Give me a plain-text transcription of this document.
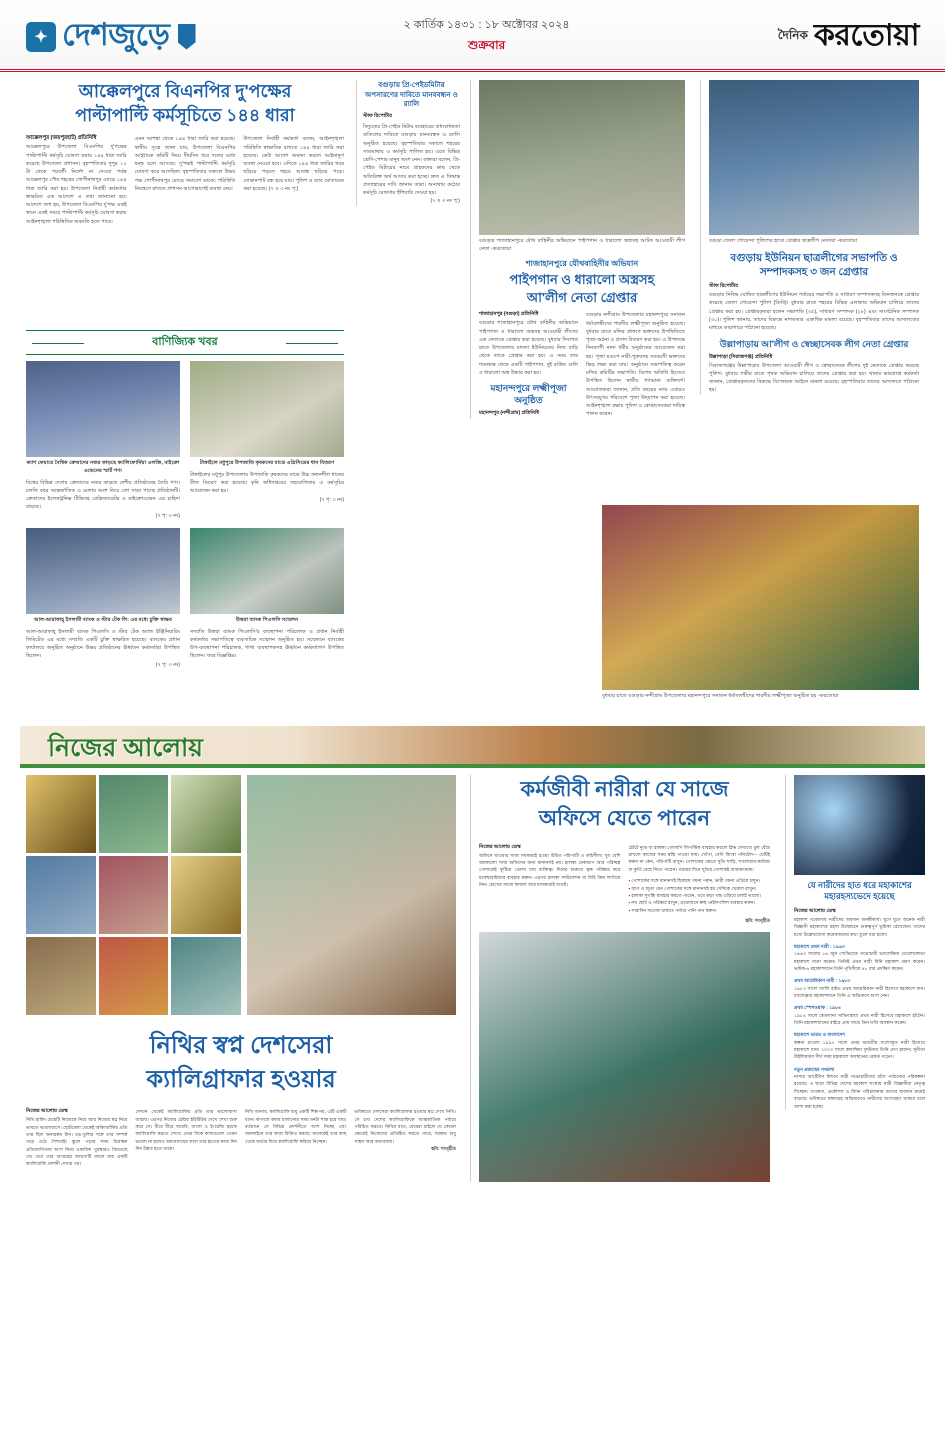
✦ দেশজুড়ে	২ কার্তিক ১৪৩১ : ১৮ অক্টোবর ২০২৪
শুক্রবার
দৈনিক করতোয়া
আক্কেলপুরে বিএনপির দু'পক্ষের
পাল্টাপাল্টি কর্মসূচিতে ১৪৪ ধারা
আক্কেলপুর (জয়পুরহাট) প্রতিনিধি
আক্কেলপুরে উপজেলা বিএনপির দু'পক্ষের পাল্টাপাল্টি কর্মসূচি ঘোষণা করায় ১৪৪ ধারা জারি করেছে উপজেলা প্রশাসন। বৃহস্পতিবার দুপুর ১২ টা থেকে পরবর্তী নির্দেশ না দেওয়া পর্যন্ত আক্কেলপুর পৌর শহরের গোপীনাথপুর মোড়ে ১৪৪ ধারা জারি করা হয়। উপজেলা নির্বাহী কর্মকর্তার স্বাক্ষরিত এক আদেশে এ তথ্য জানানো হয়। আদেশে বলা হয়, উপজেলা বিএনপির দু'পক্ষ একই স্থানে একই সময়ে পাল্টাপাল্টি কর্মসূচি ঘোষণা করায় আইনশৃঙ্খলা পরিস্থিতির অবনতি হতে পারে।
এমন আশঙ্কা থেকে ১৪৪ ধারা জারি করা হয়েছে। স্থানীয় সূত্রে জানা যায়, উপজেলা বিএনপির আহ্বায়ক কমিটি নিয়ে দীর্ঘদিন ধরে দলের মধ্যে দ্বন্দ্ব চলে আসছে। দু'পক্ষই পাল্টাপাল্টি কর্মসূচি ঘোষণা করে আসছিল। বৃহস্পতিবার সকালে উভয় পক্ষ গোপীনাথপুর মোড়ে সমাবেশ ডাকে। পরিস্থিতি নিয়ন্ত্রণে রাখতে প্রশাসন আগেভাগেই ব্যবস্থা নেয়।
উপজেলা নির্বাহী কর্মকর্তা বলেন, আইনশৃঙ্খলা পরিস্থিতি স্বাভাবিক রাখতে ১৪৪ ধারা জারি করা হয়েছে। কেউ আদেশ অমান্য করলে আইনানুগ ব্যবস্থা নেওয়া হবে। এদিকে ১৪৪ ধারা জারির খবর ছড়িয়ে পড়লে শহরে আতঙ্ক ছড়িয়ে পড়ে। দোকানপাট বন্ধ হয়ে যায়। পুলিশ ও র‌্যাব মোতায়েন করা হয়েছে। (৭ ও ৩ নং পৃ:)
বাণিজ্যিক খবর
ক্যাশ ফেয়ারে বৈশ্বিক ক্রেতাদের নজর কাড়ছে ক্যালিফোর্নিয়া এলজি, মাইক্রো ওভেনের স্মার্ট পণ্য
বিশ্বের বিভিন্ন দেশের ক্রেতাদের নজর কাড়ছে দেশীয় প্রতিষ্ঠানের তৈরি পণ্য। চলতি বছর আন্তর্জাতিক এ মেলায় অংশ নিয়ে বেশ সাড়া পাচ্ছে প্রতিষ্ঠানটি। ক্রেতাদের ইলেকট্রনিক্স টিভিসহ রেফ্রিজারেটর ও মাইক্রোওভেন এর চাহিদা বাড়ছে।
(৭ পৃ: ৩ নং)
টাঙ্গাইলে মধুপুরে উপজাতি কৃষকদের মাঝে এগ্রিসিডের ধান বিতরণ
টাঙ্গাইলের মধুপুর উপজেলায় উপজাতি কৃষকদের মাঝে উচ্চ ফলনশীল ধানের বীজ বিতরণ করা হয়েছে। কৃষি অধিদপ্তরের সহযোগিতায় এ কর্মসূচির আয়োজন করা হয়।
(৭ পৃ: ৩ নং)
আল-আরাফাহ্ ইসলামী ব্যাংক ও স্টার টেক লি: এর মধ্যে চুক্তি স্বাক্ষর
আল-আরাফাহ্ ইসলামী ব্যাংক পিএলসি ও স্টার টেক অ্যান্ড ইঞ্জিনিয়ারিং লিমিটেড এর মধ্যে সম্প্রতি একটি চুক্তি স্বাক্ষরিত হয়েছে। ব্যাংকের প্রধান কার্যালয়ে অনুষ্ঠিত অনুষ্ঠানে উভয় প্রতিষ্ঠানের ঊর্ধ্বতন কর্মকর্তারা উপস্থিত ছিলেন।
(৭ পৃ: ৩ নং)
উত্তরা ব্যাংক পিএলসি সম্মেলন
সম্প্রতি উত্তরা ব্যাংক পিএলসি'র ব্যবস্থাপনা পরিচালক ও প্রধান নির্বাহী কর্মকর্তার সভাপতিত্বে ব্যবসায়িক সম্মেলন অনুষ্ঠিত হয়। সম্মেলনে ব্যাংকের উপ-ব্যবস্থাপনা পরিচালক, শাখা ব্যবস্থাপকসহ ঊর্ধ্বতন কর্মকর্তাগণ উপস্থিত ছিলেন। খবর বিজ্ঞপ্তির।
বগুড়ায় প্রি-পেইডমিটার অপসারণের দাবিতে মানববন্ধন ও র‌্যালি
স্টাফ রিপোর্টার
বিদ্যুতের প্রি-পেইড মিটার ব্যবহারের বাধ্যবাধকতা বাতিলের দাবিতে বগুড়ায় মানববন্ধন ও র‌্যালি অনুষ্ঠিত হয়েছে। বৃহস্পতিবার সকালে শহরের সাতমাথায় এ কর্মসূচি পালিত হয়। এতে বিভিন্ন শ্রেণি-পেশার মানুষ অংশ নেন। বক্তারা বলেন, প্রি-পেইড মিটারের নামে গ্রাহকদের কাছ থেকে অতিরিক্ত অর্থ আদায় করা হচ্ছে। দ্রুত এ সিদ্ধান্ত প্রত্যাহারের দাবি জানান তারা। অন্যথায় কঠোর কর্মসূচি ঘোষণার হুঁশিয়ারি দেওয়া হয়।
(৭ ও ৩ নং পৃ:)
বগুড়ার শাজাহানপুরে যৌথ বাহিনীর অভিযানে পাইপগান ও ধারালো অস্ত্রসহ আটক আওয়ামী লীগ নেতা -করতোয়া
শাজাহানপুরে যৌথবাহিনীর অভিযান
পাইপগান ও ধারালো অস্ত্রসহ
আ'লীগ নেতা গ্রেপ্তার
শাজাহানপুর (বগুড়া) প্রতিনিধি
বগুড়ার শাজাহানপুরে যৌথ বাহিনীর অভিযানে পাইপগান ও ধারালো অস্ত্রসহ আওয়ামী লীগের এক নেতাকে গ্রেপ্তার করা হয়েছে। বুধবার দিবাগত রাতে উপজেলার মাদলা ইউনিয়নের নিজ বাড়ি থেকে তাকে গ্রেপ্তার করা হয়। এ সময় তার শয়নকক্ষ থেকে একটি পাইপগান, দুই রাউন্ড গুলি ও ধারালো অস্ত্র উদ্ধার করা হয়।
মহানন্দপুরে লক্ষ্মীপূজা
অনুষ্ঠিত
মহানন্দপুর (নন্দীগ্রাম) প্রতিনিধি
বগুড়ার নন্দীগ্রাম উপজেলার মহানন্দপুরে সনাতন ধর্মাবলম্বীদের শারদীয় লক্ষ্মীপূজা অনুষ্ঠিত হয়েছে। বুধবার রাতে মন্দির প্রাঙ্গণে ভক্তদের উপস্থিতিতে পূজা-অর্চনা ও প্রসাদ বিতরণ করা হয়। এ উপলক্ষে দিনব্যাপী নানা ধর্মীয় অনুষ্ঠানের আয়োজন করা হয়। পূজা মণ্ডপে নারী-পুরুষসহ সববয়সী ভক্তদের ভিড় লক্ষ্য করা যায়। অনুষ্ঠানে সভাপতিত্ব করেন মন্দির কমিটির সভাপতি। বিশেষ অতিথি হিসেবে উপস্থিত ছিলেন স্থানীয় গণ্যমান্য ব্যক্তিবর্গ। আয়োজকরা জানান, প্রতি বছরের ন্যায় এবারও উৎসবমুখর পরিবেশে পূজা উদ্‌যাপন করা হয়েছে। আইনশৃঙ্খলা রক্ষায় পুলিশ ও স্বেচ্ছাসেবকরা দায়িত্ব পালন করেন।
বুধবার রাতে বগুড়ার নন্দীগ্রাম উপজেলার মহানন্দপুরে সনাতন ধর্মাবলম্বীদের শারদীয় লক্ষ্মীপূজা অনুষ্ঠিত হয় -করতোয়া
বগুড়া জেলা গোয়েন্দা পুলিশের হাতে গ্রেপ্তার ছাত্রলীগ নেতারা -করতোয়া
বগুড়ায় ইউনিয়ন ছাত্রলীগের সভাপতি ও
সম্পাদকসহ ৩ জন গ্রেপ্তার
স্টাফ রিপোর্টার
বগুড়ায় নিষিদ্ধ ঘোষিত ছাত্রলীগের ইউনিয়ন পর্যায়ের সভাপতি ও সাধারণ সম্পাদকসহ তিনজনকে গ্রেপ্তার করেছে জেলা গোয়েন্দা পুলিশ (ডিবি)। বুধবার রাতে শহরের বিভিন্ন এলাকায় অভিযান চালিয়ে তাদের গ্রেপ্তার করা হয়। গ্রেপ্তারকৃতরা হলেন সভাপতি (৩৫), সাধারণ সম্পাদক (২৮) এবং সাংগঠনিক সম্পাদক (৩০)। পুলিশ জানায়, তাদের বিরুদ্ধে নাশকতার একাধিক মামলা রয়েছে। বৃহস্পতিবার তাদের আদালতের মাধ্যমে কারাগারে পাঠানো হয়েছে।
উল্লাপাড়ায় আ'লীগ ও স্বেচ্ছাসেবক লীগ নেতা গ্রেপ্তার
উল্লাপাড়া (সিরাজগঞ্জ) প্রতিনিধি
সিরাজগঞ্জের উল্লাপাড়ায় উপজেলা আওয়ামী লীগ ও স্বেচ্ছাসেবক লীগের দুই নেতাকে গ্রেপ্তার করেছে পুলিশ। বুধবার গভীর রাতে পৃথক অভিযান চালিয়ে তাদের গ্রেপ্তার করা হয়। থানার ভারপ্রাপ্ত কর্মকর্তা জানান, গ্রেপ্তারকৃতদের বিরুদ্ধে বিস্ফোরক আইনে মামলা রয়েছে। বৃহস্পতিবার তাদের আদালতে পাঠানো হয়।
নিজের আলোয়
নিথির স্বপ্ন দেশসেরা
ক্যালিগ্রাফার হওয়ার
নিজের আলোয় ডেস্ক
নিথি হামিদ মেয়েটি নিজেকে নিয়ে আর নিজের স্বপ্ন নিয়ে ভাবতে ভালোবাসে। ছোটবেলা থেকেই আঁকাআঁকির প্রতি তার ছিল অন্যরকম টান। রঙ-তুলির সঙ্গে তার সম্পর্ক গড়ে ওঠে শৈশবেই। স্কুলে পড়ার সময় চিত্রাঙ্কন প্রতিযোগিতায় অংশ নিয়ে একাধিক পুরস্কারও জিতেছে সে। তবে তার আগ্রহের জায়গাটি বদলে যায় একটি ক্যালিগ্রাফি প্রদর্শনী দেখার পর।
সেখান থেকেই ক্যালিগ্রাফির প্রতি তার ভালোবাসা জন্মায়। এরপর নিজের চেষ্টায় ইউটিউব দেখে শেখা শুরু করে সে। ধীরে ধীরে আরবি, বাংলা ও ইংরেজি হরফে ক্যালিগ্রাফি করতে শেখে। প্রথম দিকে কাজগুলো তেমন ভালো না হলেও অধ্যবসায়ের ফলে তার হাতের কাজ দিন দিন উন্নত হতে থাকে।
নিথি জানায়, ক্যালিগ্রাফি শুধু একটি শিল্প নয়, এটি একটি ধ্যান। কাগজে কলম চালানোর সময় মনটা শান্ত হয়ে যায়। বর্তমানে সে বিভিন্ন প্রদর্শনীতে অংশ নিচ্ছে এবং অনলাইনে তার কাজ বিক্রিও করছে। অনেকেই তার কাছ থেকে অর্ডার দিয়ে ক্যালিগ্রাফি করিয়ে নিচ্ছেন।
ভবিষ্যতে দেশসেরা ক্যালিগ্রাফার হওয়ার স্বপ্ন দেখে নিথি। সে চায় দেশের ক্যালিগ্রাফিকে আন্তর্জাতিক পর্যায়ে পরিচিত করতে। নিথির মতে, মেয়েরা চাইলে যে কোনো ক্ষেত্রেই নিজেদের প্রতিষ্ঠিত করতে পারে, দরকার শুধু সাহস আর অধ্যবসায়।
ছবি: সংগৃহীত
কর্মজীবী নারীরা যে সাজে
অফিসে যেতে পারেন
নিজের আলোয় ডেস্ক
অফিসে যাওয়ার সাজ সবসময়ই হওয়া উচিত পরিপাটি ও রুচিশীল। খুব বেশি জমকালো সাজ অফিসের জন্য মানানসই নয়। হালকা মেকআপ আর পরিচ্ছন্ন পোশাকেই ফুটিয়ে তোলা যায় ব্যক্তিত্ব। দিনের শুরুতে ত্বক পরিষ্কার করে ময়েশ্চারাইজার ব্যবহার করুন। এরপর হালকা ফাউন্ডেশন বা বিবি ক্রিম লাগিয়ে নিন। চোখের সাজে কাজল আর মাসকারাই যথেষ্ট।
ঠোঁটে ন্যুড বা হালকা গোলাপি লিপস্টিক ব্যবহার করলে স্নিগ্ধ দেখাবে। চুল বেঁধে রাখলে কাজের সময় স্বস্তি পাওয়া যায়। খোঁপা, বেণি কিংবা পনিটেল— যেটিই করুন না কেন, পরিপাটি রাখুন। পোশাকের ক্ষেত্রে সুতি শাড়ি, সালোয়ার-কামিজ বা কুর্তি বেছে নিতে পারেন। গরমের দিনে সুতির পোশাকই আরামদায়ক।
▪ পোশাকের সঙ্গে মানানসই ছিমছাম গয়না পরুন, ভারী গয়না এড়িয়ে চলুন।
▪ ব্যাগ ও জুতা যেন পোশাকের সঙ্গে মানানসই হয় সেদিকে খেয়াল রাখুন।
▪ হালকা সুগন্ধি ব্যবহার করতে পারেন, তবে কড়া গন্ধ এড়িয়ে চলাই ভালো।
▪ নখ ছোট ও পরিষ্কার রাখুন, প্রয়োজনে স্বচ্ছ নেইলপলিশ ব্যবহার করুন।
▪ সারাদিন সতেজ থাকতে পর্যাপ্ত পানি পান করুন।
ছবি: সংগৃহীত
যে নারীদের হাত ধরে মহাকাশের
মহারহস্যভেদে হয়েছে
নিজের আলোয় ডেস্ক
মহাকাশ গবেষণায় নারীদের অবদান অনস্বীকার্য। যুগে যুগে অনেক নারী বিজ্ঞানী মহাকাশের রহস্য উন্মোচনে গুরুত্বপূর্ণ ভূমিকা রেখেছেন। তাদের মধ্যে উল্লেখযোগ্য কয়েকজনের কথা তুলে ধরা হলো।
মহাকাশে প্রথম নারী : ১৯৬৩
১৯৬৩ সালের ১৬ জুন সোভিয়েত নভোচারী ভ্যালেন্তিনা তেরেশকোভা মহাকাশে যাত্রা করেন। তিনিই প্রথম নারী যিনি মহাকাশ ভ্রমণ করেন। ভস্টক-৬ মহাকাশযানে তিনি পৃথিবীকে ৪৮ বার প্রদক্ষিণ করেন।
প্রথম আমেরিকান নারী : ১৯৮৩
১৯৮৩ সালে স্যালি রাইড প্রথম আমেরিকান নারী হিসেবে মহাকাশে যান। চ্যালেঞ্জার মহাকাশযানে তিনি এ অভিযানে অংশ নেন।
প্রথম স্পেসওয়াক : ১৯৮৪
১৯৮৪ সালে স্বেতলানা সাভিৎস্কায়া প্রথম নারী হিসেবে মহাকাশে হাঁটেন। তিনি মহাকাশযানের বাইরে প্রায় সাড়ে তিন ঘণ্টা অবস্থান করেন।
মহাকাশে ভারত ও বাংলাদেশ
কল্পনা চাওলা ১৯৯৭ সালে প্রথম ভারতীয় বংশোদ্ভূত নারী হিসেবে মহাকাশে যান। ২০০৩ সালে কলাম্বিয়া দুর্ঘটনায় তিনি প্রাণ হারান। সুনীতা উইলিয়ামস দীর্ঘ সময় মহাকাশে অবস্থানের রেকর্ড গড়েন।
নতুন প্রজন্মের পথচলা
নাসার আর্টেমিস মিশনে নারী নভোচারীদের চাঁদে পাঠানোর পরিকল্পনা রয়েছে। এ ছাড়া বিভিন্ন দেশের মহাকাশ সংস্থায় নারী বিজ্ঞানীরা নেতৃত্ব দিচ্ছেন। গবেষণা, প্রকৌশল ও মিশন পরিচালনায় তাদের অবদান ক্রমেই বাড়ছে। ভবিষ্যতে মঙ্গলগ্রহ অভিযানেও নারীদের অংশগ্রহণ থাকবে বলে আশা করা হচ্ছে।
